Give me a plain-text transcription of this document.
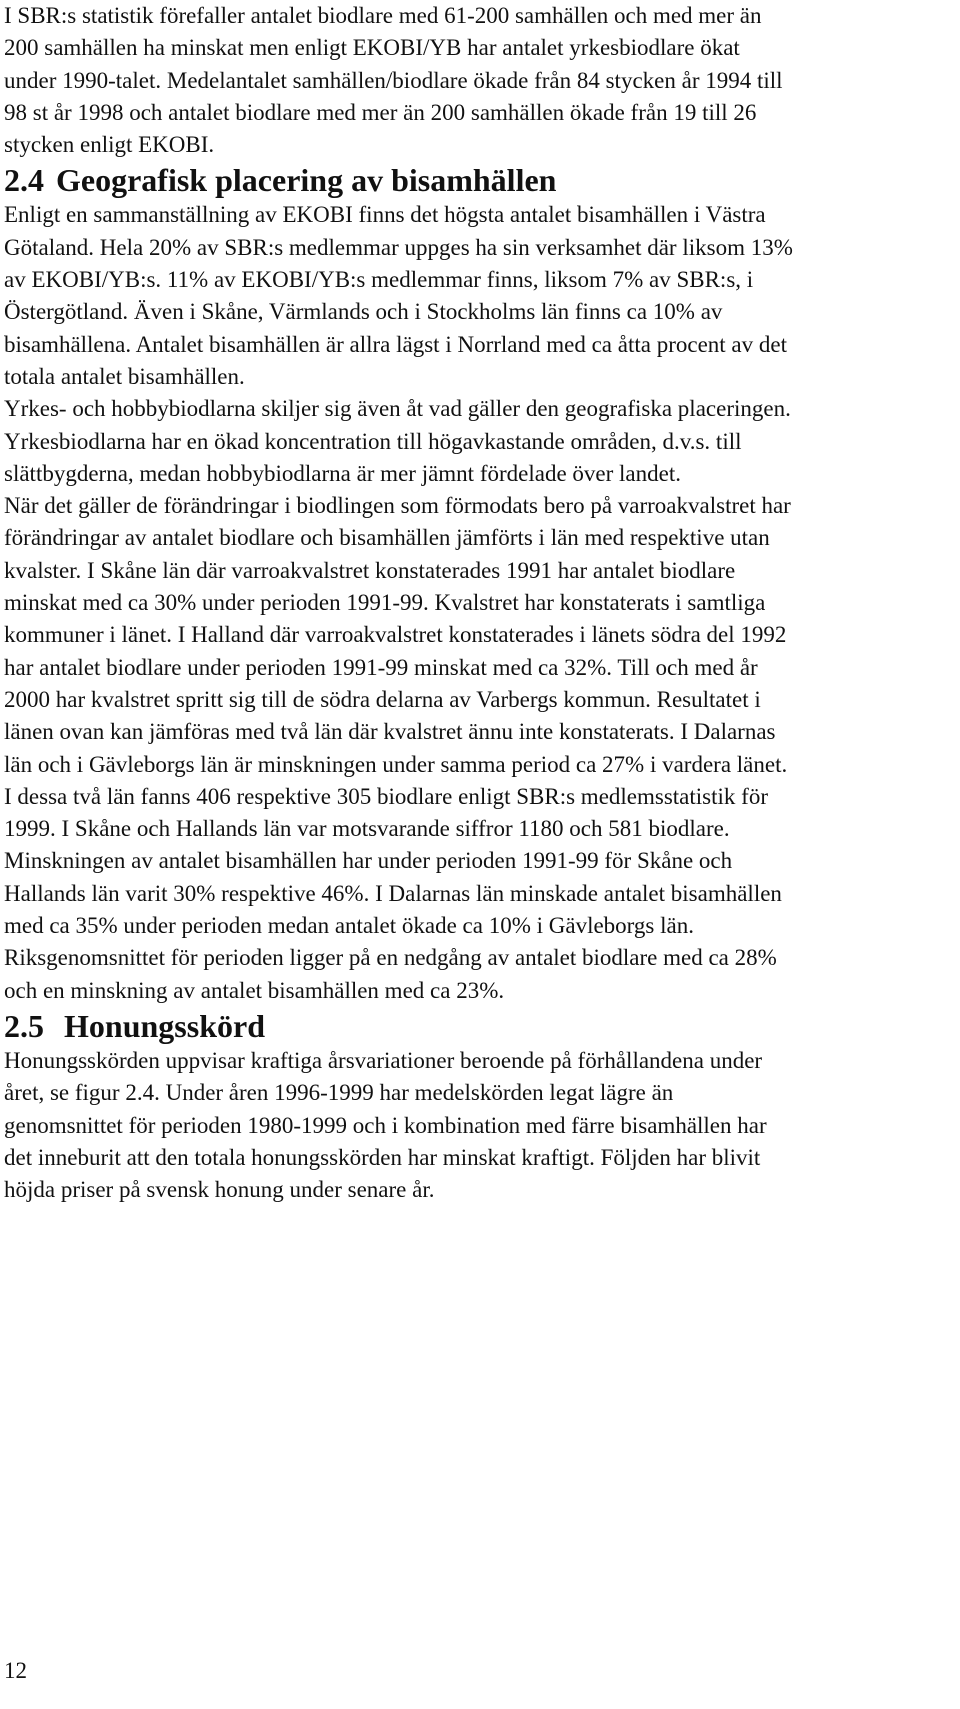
I SBR:s statistik förefaller antalet biodlare med 61-200 samhällen och med mer än
200 samhällen ha minskat men enligt EKOBI/YB har antalet yrkesbiodlare ökat
under 1990-talet. Medelantalet samhällen/biodlare ökade från 84 stycken år 1994 till
98 st år 1998 och antalet biodlare med mer än 200 samhällen ökade från 19 till 26
stycken enligt EKOBI.

2.4 Geografisk placering av bisamhällen

Enligt en sammanställning av EKOBI finns det högsta antalet bisamhällen i Västra
Götaland. Hela 20% av SBR:s medlemmar uppges ha sin verksamhet där liksom 13%
av EKOBI/YB:s. 11% av EKOBI/YB:s medlemmar finns, liksom 7% av SBR:s, i
Östergötland. Även i Skåne, Värmlands och i Stockholms län finns ca 10% av
bisamhällena. Antalet bisamhällen är allra lägst i Norrland med ca åtta procent av det
totala antalet bisamhällen.

Yrkes- och hobbybiodlarna skiljer sig även åt vad gäller den geografiska placeringen.
Yrkesbiodlarna har en ökad koncentration till högavkastande områden, d.v.s. till
slättbygderna, medan hobbybiodlarna är mer jämnt fördelade över landet.

När det gäller de förändringar i biodlingen som förmodats bero på varroakvalstret har
förändringar av antalet biodlare och bisamhällen jämförts i län med respektive utan
kvalster. I Skåne län där varroakvalstret konstaterades 1991 har antalet biodlare
minskat med ca 30% under perioden 1991-99. Kvalstret har konstaterats i samtliga
kommuner i länet. I Halland där varroakvalstret konstaterades i länets södra del 1992
har antalet biodlare under perioden 1991-99 minskat med ca 32%. Till och med år
2000 har kvalstret spritt sig till de södra delarna av Varbergs kommun. Resultatet i
länen ovan kan jämföras med två län där kvalstret ännu inte konstaterats. I Dalarnas
län och i Gävleborgs län är minskningen under samma period ca 27% i vardera länet.
I dessa två län fanns 406 respektive 305 biodlare enligt SBR:s medlemsstatistik för
1999. I Skåne och Hallands län var motsvarande siffror 1180 och 581 biodlare.
Minskningen av antalet bisamhällen har under perioden 1991-99 för Skåne och
Hallands län varit 30% respektive 46%. I Dalarnas län minskade antalet bisamhällen
med ca 35% under perioden medan antalet ökade ca 10% i Gävleborgs län.
Riksgenomsnittet för perioden ligger på en nedgång av antalet biodlare med ca 28%
och en minskning av antalet bisamhällen med ca 23%.

2.5 Honungsskörd

Honungsskörden uppvisar kraftiga årsvariationer beroende på förhållandena under
året, se figur 2.4. Under åren 1996-1999 har medelskörden legat lägre än
genomsnittet för perioden 1980-1999 och i kombination med färre bisamhällen har
det inneburit att den totala honungsskörden har minskat kraftigt. Följden har blivit
höjda priser på svensk honung under senare år.

12
